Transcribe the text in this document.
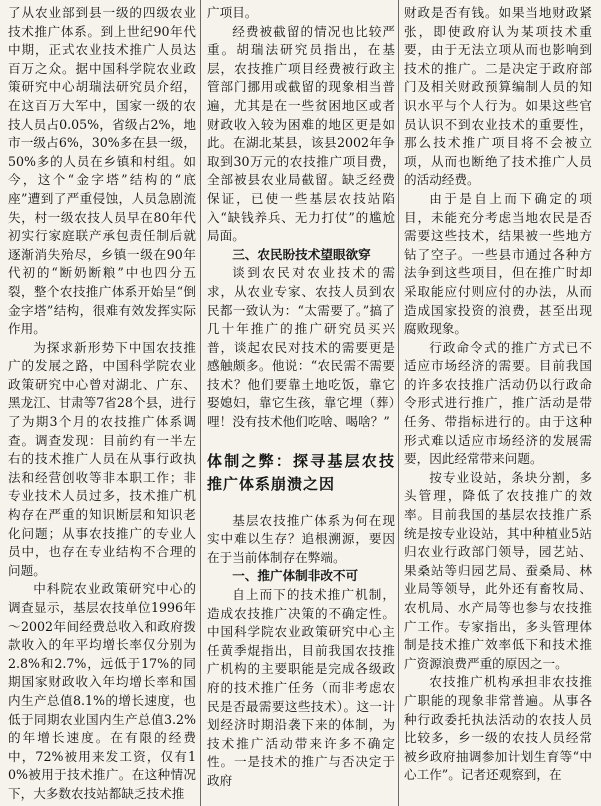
了从农业部到县一级的四级农业技术推广体系。到上世纪90年代中期，正式农业技术推广人员达百万之众。据中国科学院农业政策研究中心胡瑞法研究员介绍，在这百万大军中，国家一级的农技人员占0.05%，省级占2%，地市一级占6%，30%多在县一级，50%多的人员在乡镇和村组。如今，这个“金字塔”结构的“底座”遭到了严重侵蚀，人员急剧流失，村一级农技人员早在80年代初实行家庭联产承包责任制后就逐渐消失殆尽，乡镇一级在90年代初的“断奶断粮”中也四分五裂，整个农技推广体系开始呈“倒金字塔”结构，很难有效发挥实际作用。

为探求新形势下中国农技推广的发展之路，中国科学院农业政策研究中心曾对湖北、广东、黑龙江、甘肃等7省28个县，进行了为期3个月的农技推广体系调查。调查发现：目前约有一半左右的技术推广人员在从事行政执法和经营创收等非本职工作；非专业技术人员过多，技术推广机构存在严重的知识断层和知识老化问题；从事农技推广的专业人员中，也存在专业结构不合理的问题。

中科院农业政策研究中心的调查显示，基层农技单位1996年～2002年间经费总收入和政府拨款收入的年平均增长率仅分别为2.8%和2.7%，远低于17%的同期国家财政收入年均增长率和国内生产总值8.1%的增长速度，也低于同期农业国内生产总值3.2%的年增长速度。在有限的经费中，72%被用来发工资，仅有10%被用于技术推广。在这种情况下，大多数农技站都缺乏技术推

广项目。

经费被截留的情况也比较严重。胡瑞法研究员指出，在基层，农技推广项目经费被行政主管部门挪用或截留的现象相当普遍，尤其是在一些贫困地区或者财政收入较为困难的地区更是如此。在湖北某县，该县2002年争取到30万元的农技推广项目费，全部被县农业局截留。缺乏经费保证，已使一些基层农技站陷入“缺钱养兵、无力打仗”的尴尬局面。

三、农民盼技术望眼欲穿

谈到农民对农业技术的需求，从农业专家、农技人员到农民都一致认为：“太需要了。”搞了几十年推广的推广研究员买兴普，谈起农民对技术的需要更是感触颇多。他说：“农民需不需要技术？他们要靠土地吃饭，靠它娶媳妇，靠它生孩，靠它埋（葬）哩！没有技术他们吃啥、喝啥？”

体制之弊：探寻基层农技推广体系崩溃之因

基层农技推广体系为何在现实中难以生存？追根溯源，要因在于当前体制存在弊端。

一、推广体制非改不可

自上而下的技术推广机制，造成农技推广决策的不确定性。中国科学院农业政策研究中心主任黄季焜指出，目前我国农技推广机构的主要职能是完成各级政府的技术推广任务（而非考虑农民是否最需要这些技术）。这一计划经济时期沿袭下来的体制，为技术推广活动带来许多不确定性。一是技术的推广与否决定于政府

财政是否有钱。如果当地财政紧张，即使政府认为某项技术重要，由于无法立项从而也影响到技术的推广。二是决定于政府部门及相关财政预算编制人员的知识水平与个人行为。如果这些官员认识不到农业技术的重要性，那么技术推广项目将不会被立项，从而也断绝了技术推广人员的活动经费。

由于是自上而下确定的项目，未能充分考虑当地农民是否需要这些技术，结果被一些地方钻了空子。一些县市通过各种方法争到这些项目，但在推广时却采取能应付则应付的办法，从而造成国家投资的浪费，甚至出现腐败现象。

行政命令式的推广方式已不适应市场经济的需要。目前我国的许多农技推广活动仍以行政命令形式进行推广，推广活动是带任务、带指标进行的。由于这种形式难以适应市场经济的发展需要，因此经常带来问题。

按专业设站，条块分割，多头管理，降低了农技推广的效率。目前我国的基层农技推广系统是按专业设站，其中种植业5站归农业行政部门领导，园艺站、果桑站等归园艺局、蚕桑局、林业局等领导，此外还有畜牧局、农机局、水产局等也参与农技推广工作。专家指出，多头管理体制是技术推广效率低下和技术推广资源浪费严重的原因之一。

农技推广机构承担非农技推广职能的现象非常普遍。从事各种行政委托执法活动的农技人员比较多，乡一级的农技人员经常被乡政府抽调参加计划生育等“中心工作”。记者还观察到，在
